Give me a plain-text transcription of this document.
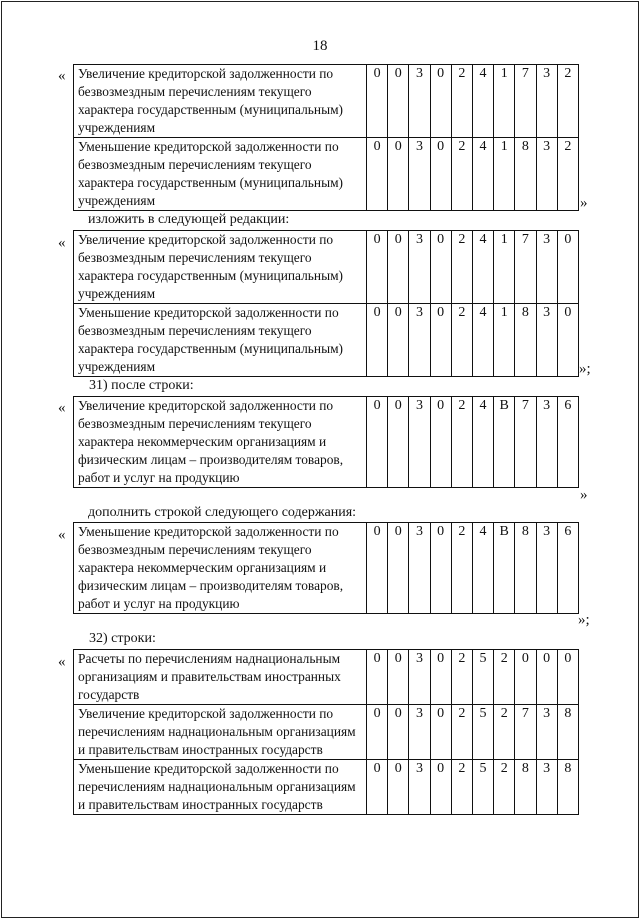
18
« Увеличение кредиторской задолженности по безвозмездным перечислениям текущего характера государственным (муниципальным) учреждениям	0	0	3	0	2	4	1	7	3	2
Уменьшение кредиторской задолженности по безвозмездным перечислениям текущего характера государственным (муниципальным) учреждениям	0	0	3	0	2	4	1	8	3	2
»
изложить в следующей редакции:
« Увеличение кредиторской задолженности по безвозмездным перечислениям текущего характера государственным (муниципальным) учреждениям	0	0	3	0	2	4	1	7	3	0
Уменьшение кредиторской задолженности по безвозмездным перечислениям текущего характера государственным (муниципальным) учреждениям	0	0	3	0	2	4	1	8	3	0
»;
31) после строки:
« Увеличение кредиторской задолженности по безвозмездным перечислениям текущего характера некоммерческим организациям и физическим лицам – производителям товаров, работ и услуг на продукцию	0	0	3	0	2	4	В	7	3	6
»
дополнить строкой следующего содержания:
« Уменьшение кредиторской задолженности по безвозмездным перечислениям текущего характера некоммерческим организациям и физическим лицам – производителям товаров, работ и услуг на продукцию	0	0	3	0	2	4	В	8	3	6
»;
32) строки:
« Расчеты по перечислениям наднациональным организациям и правительствам иностранных государств	0	0	3	0	2	5	2	0	0	0
Увеличение кредиторской задолженности по перечислениям наднациональным организациям и правительствам иностранных государств	0	0	3	0	2	5	2	7	3	8
Уменьшение кредиторской задолженности по перечислениям наднациональным организациям и правительствам иностранных государств	0	0	3	0	2	5	2	8	3	8
